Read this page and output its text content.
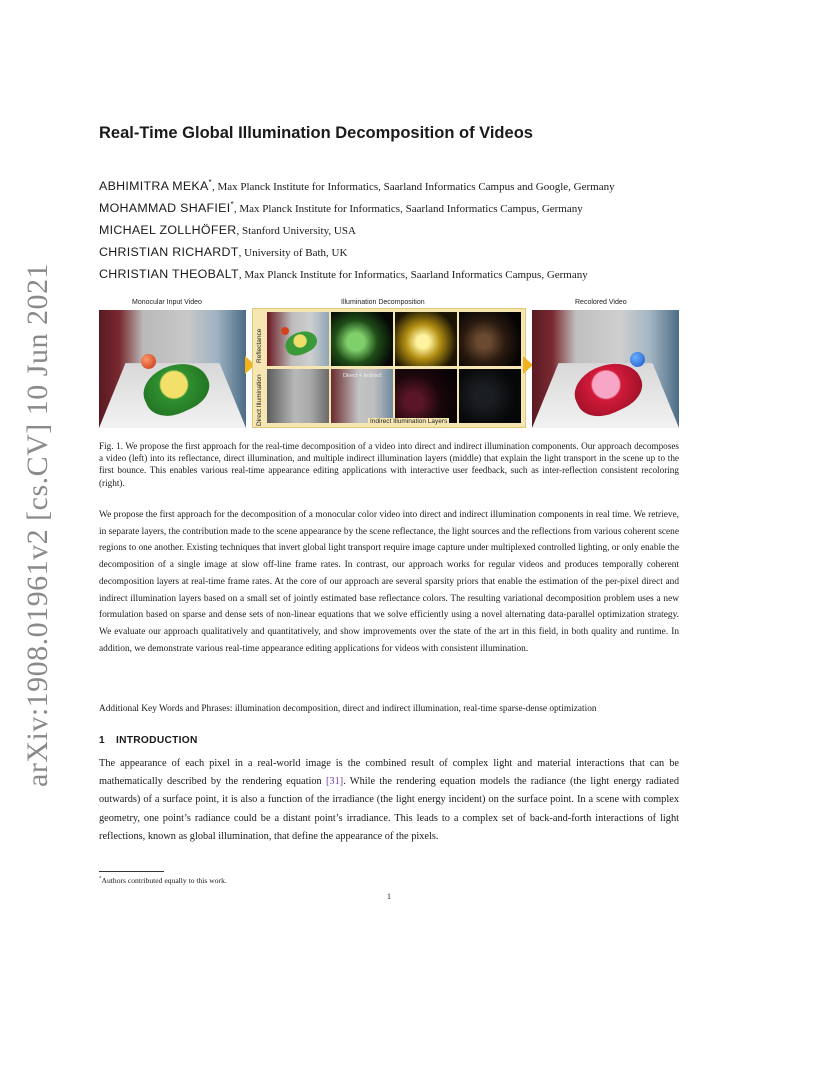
arXiv:1908.01961v2 [cs.CV] 10 Jun 2021
Real-Time Global Illumination Decomposition of Videos
ABHIMITRA MEKA*, Max Planck Institute for Informatics, Saarland Informatics Campus and Google, Germany
MOHAMMAD SHAFIEI*, Max Planck Institute for Informatics, Saarland Informatics Campus, Germany
MICHAEL ZOLLHÖFER, Stanford University, USA
CHRISTIAN RICHARDT, University of Bath, UK
CHRISTIAN THEOBALT, Max Planck Institute for Informatics, Saarland Informatics Campus, Germany
Monocular Input Video	Illumination Decomposition	Recolored Video
Reflectance
Direct Illumination	Direct + Indirect
Indirect Illumination Layers
Fig. 1. We propose the first approach for the real-time decomposition of a video into direct and indirect illumination components. Our approach decomposes a video (left) into its reflectance, direct illumination, and multiple indirect illumination layers (middle) that explain the light transport in the scene up to the first bounce. This enables various real-time appearance editing applications with interactive user feedback, such as inter-reflection consistent recoloring (right).
We propose the first approach for the decomposition of a monocular color video into direct and indirect illumination components in real time. We retrieve, in separate layers, the contribution made to the scene appearance by the scene reflectance, the light sources and the reflections from various coherent scene regions to one another. Existing techniques that invert global light transport require image capture under multiplexed controlled lighting, or only enable the decomposition of a single image at slow off-line frame rates. In contrast, our approach works for regular videos and produces temporally coherent decomposition layers at real-time frame rates. At the core of our approach are several sparsity priors that enable the estimation of the per-pixel direct and indirect illumination layers based on a small set of jointly estimated base reflectance colors. The resulting variational decomposition problem uses a new formulation based on sparse and dense sets of non-linear equations that we solve efficiently using a novel alternating data-parallel optimization strategy. We evaluate our approach qualitatively and quantitatively, and show improvements over the state of the art in this field, in both quality and runtime. In addition, we demonstrate various real-time appearance editing applications for videos with consistent illumination.
Additional Key Words and Phrases: illumination decomposition, direct and indirect illumination, real-time sparse-dense optimization
1 INTRODUCTION
The appearance of each pixel in a real-world image is the combined result of complex light and material interactions that can be mathematically described by the rendering equation [31]. While the rendering equation models the radiance (the light energy radiated outwards) of a surface point, it is also a function of the irradiance (the light energy incident) on the surface point. In a scene with complex geometry, one point’s radiance could be a distant point’s irradiance. This leads to a complex set of back-and-forth interactions of light reflections, known as global illumination, that define the appearance of the pixels.
*Authors contributed equally to this work.
1
